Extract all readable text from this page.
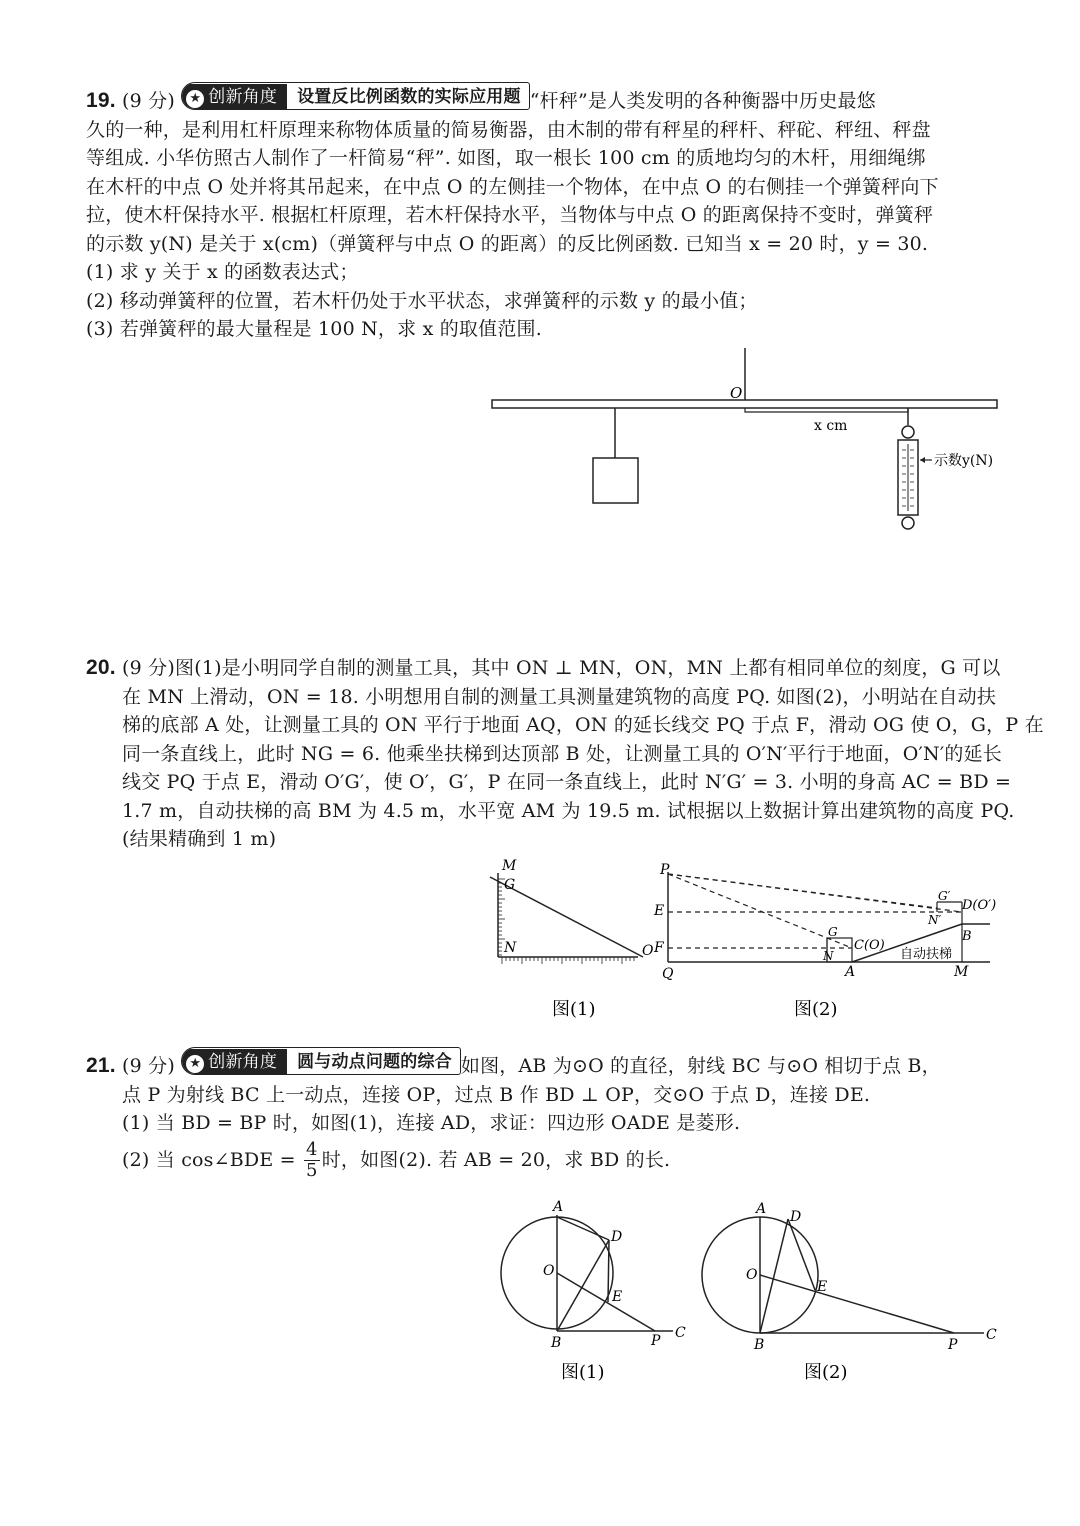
19. (9 分) ★ 创新角度 设置反比例函数的实际应用题 “杆秤”是人类发明的各种衡器中历史最悠
久的一种，是利用杠杆原理来称物体质量的简易衡器，由木制的带有秤星的秤杆、秤砣、秤纽、秤盘
等组成. 小华仿照古人制作了一杆简易“秤”. 如图，取一根长 100 cm 的质地均匀的木杆，用细绳绑
在木杆的中点 O 处并将其吊起来，在中点 O 的左侧挂一个物体，在中点 O 的右侧挂一个弹簧秤向下
拉，使木杆保持水平. 根据杠杆原理，若木杆保持水平，当物体与中点 O 的距离保持不变时，弹簧秤
的示数 y(N) 是关于 x(cm)（弹簧秤与中点 O 的距离）的反比例函数. 已知当 x = 20 时，y = 30.
(1) 求 y 关于 x 的函数表达式；
(2) 移动弹簧秤的位置，若木杆仍处于水平状态，求弹簧秤的示数 y 的最小值；
(3) 若弹簧秤的最大量程是 100 N，求 x 的取值范围.
O
x cm
示数y(N)
20. (9 分)图(1)是小明同学自制的测量工具，其中 ON ⊥ MN，ON，MN 上都有相同单位的刻度，G 可以
在 MN 上滑动，ON = 18. 小明想用自制的测量工具测量建筑物的高度 PQ. 如图(2)，小明站在自动扶
梯的底部 A 处，让测量工具的 ON 平行于地面 AQ，ON 的延长线交 PQ 于点 F，滑动 OG 使 O，G，P 在
同一条直线上，此时 NG = 6. 他乘坐扶梯到达顶部 B 处，让测量工具的 O′N′平行于地面，O′N′的延长
线交 PQ 于点 E，滑动 O′G′，使 O′，G′，P 在同一条直线上，此时 N′G′ = 3. 小明的身高 AC = BD =
1.7 m，自动扶梯的高 BM 为 4.5 m，水平宽 AM 为 19.5 m. 试根据以上数据计算出建筑物的高度 PQ.
(结果精确到 1 m)
M
G
N	O
图(1)
P
E
F
Q
G
N
C(O)
A
G′
N′
D(O′)
B
自动扶梯
M
图(2)
21. (9 分) ★ 创新角度 圆与动点问题的综合 如图，AB 为⊙O 的直径，射线 BC 与⊙O 相切于点 B，
点 P 为射线 BC 上一动点，连接 OP，过点 B 作 BD ⊥ OP，交⊙O 于点 D，连接 DE.
(1) 当 BD = BP 时，如图(1)，连接 AD，求证：四边形 OADE 是菱形.
(2) 当 cos∠BDE = $\frac{4}{5}$ 时，如图(2). 若 AB = 20，求 BD 的长.
A
D
O
E
B	P C
图(1)
A D
O
E
B	P
C
图(2)
